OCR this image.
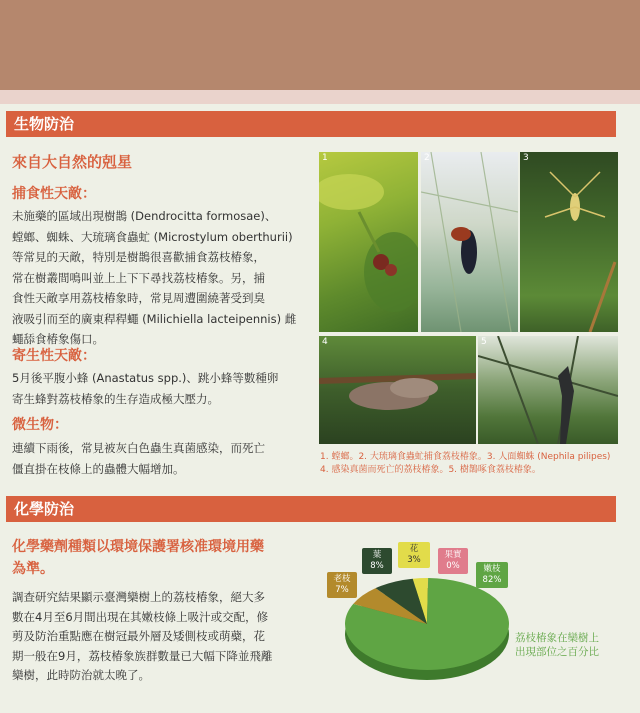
生物防治
來自大自然的剋星
捕食性天敵：
未施藥的區域出現樹鵲 (Dendrocitta formosae)、
螳螂、蜘蛛、大琉璃食蟲虻 (Microstylum oberthurii)
等常見的天敵，特別是樹鵲很喜歡捕食荔枝椿象，
常在樹叢間鳴叫並上上下下尋找荔枝椿象。另，捕
食性天敵享用荔枝椿象時，常見周遭圍繞著受到臭
液吸引而至的廣東稈稈蠅 (Milichiella lacteipennis) 雌
蠅舔食椿象傷口。
寄生性天敵：
5月後平腹小蜂 (Anastatus spp.)、跳小蜂等數種卵
寄生蜂對荔枝椿象的生存造成極大壓力。
微生物：
連續下雨後，常見被灰白色蟲生真菌感染，而死亡
僵直掛在枝條上的蟲體大幅增加。
1	2	3
4	5
1. 螳螂。2. 大琉璃食蟲虻捕食荔枝椿象。3. 人面蜘蛛 (Nephila pilipes)
4. 感染真菌而死亡的荔枝椿象。5. 樹鵲啄食荔枝椿象。
化學防治
化學藥劑種類以環境保護署核准環境用藥
為準。
調查研究結果顯示臺灣欒樹上的荔枝椿象，絕大多
數在4月至6月間出現在其嫩枝條上吸汁或交配，修
剪及防治重點應在樹冠最外層及矮側枝或萌蘗，花
期一般在9月，荔枝椿象族群數量已大幅下降並飛離
欒樹，此時防治就太晚了。
老枝
7%
葉
8%
花
3%	果實
0%	嫩枝
82%
荔枝椿象在欒樹上
出現部位之百分比
